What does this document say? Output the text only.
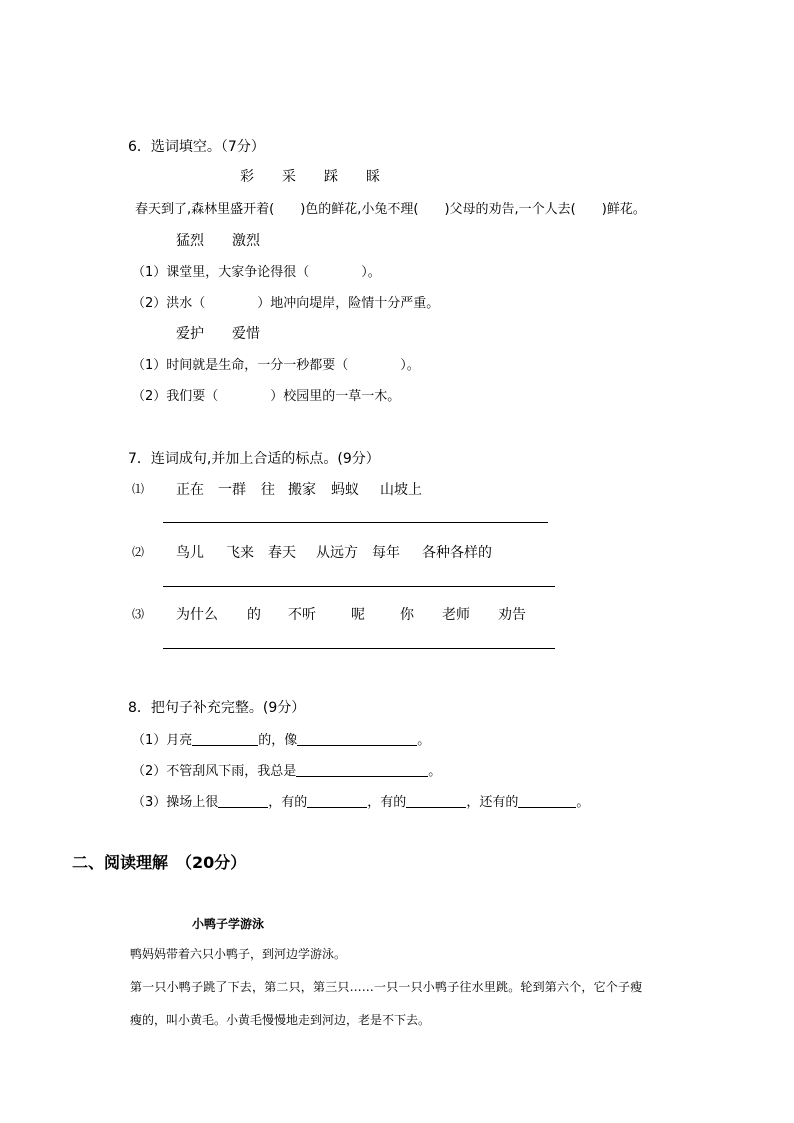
6．选词填空。（7分）
彩 采 踩 睬
春天到了,森林里盛开着(　　)色的鲜花,小兔不理(　　)父母的劝告,一个人去(　　)鲜花。
猛烈 激烈
（1）课堂里，大家争论得很（　　　　）。
（2）洪水（　　　　）地冲向堤岸，险情十分严重。
爱护 爱惜
（1）时间就是生命，一分一秒都要（　　　　）。
（2）我们要（　　　　）校园里的一草一木。
7．连词成句,并加上合适的标点。(9分）
⑴ 正在 一群 往 搬家 蚂蚁 山坡上
⑵ 鸟儿 飞来 春天 从远方 每年 各种各样的
⑶ 为什么 的 不听	呢	你 老师 劝告
8．把句子补充完整。(9分）
（1）月亮	的，像	。
（2）不管刮风下雨，我总是	。
（3）操场上很	，有的	，有的	，还有的	。
二、阅读理解　（20分）
小鸭子学游泳
鸭妈妈带着六只小鸭子，到河边学游泳。
第一只小鸭子跳了下去，第二只，第三只……一只一只小鸭子往水里跳。轮到第六个，它个子瘦
瘦的，叫小黄毛。小黄毛慢慢地走到河边，老是不下去。
